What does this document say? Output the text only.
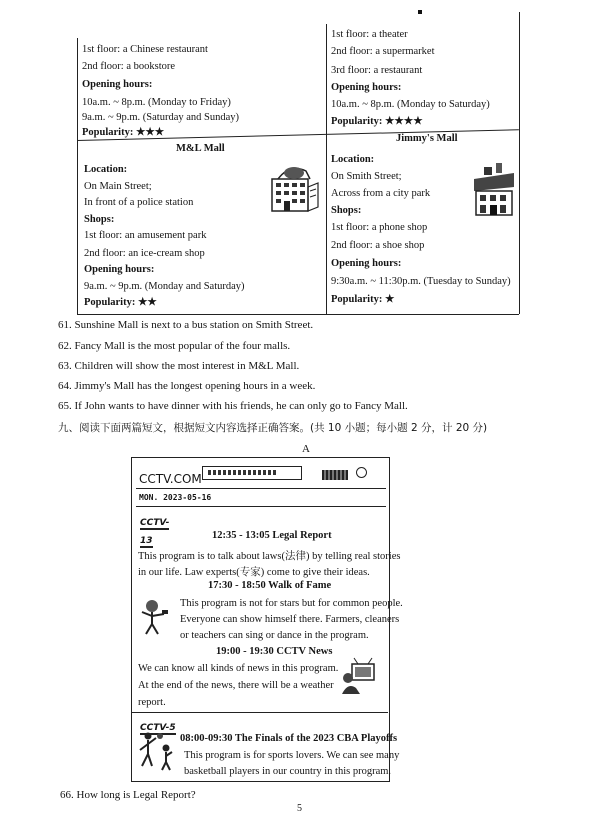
1st floor: a Chinese restaurant
2nd floor: a bookstore
Opening hours:
10a.m. ~ 8p.m. (Monday to Friday)
9a.m. ~ 9p.m. (Saturday and Sunday)
Popularity: ★★★
1st floor: a theater
2nd floor: a supermarket
3rd floor: a restaurant
Opening hours:
10a.m. ~ 8p.m. (Monday to Saturday)
Popularity: ★★★★
M&L Mall
Location:
On Main Street;
In front of a police station
Shops:
1st floor: an amusement park
2nd floor: an ice-cream shop
Opening hours:
9a.m. ~ 9p.m. (Monday and Saturday)
Popularity: ★★
Jimmy's Mall
Location:
On Smith Street;
Across from a city park
Shops:
1st floor: a phone shop
2nd floor: a shoe shop
Opening hours:
9:30a.m. ~ 11:30p.m. (Tuesday to Sunday)
Popularity: ★
61. Sunshine Mall is next to a bus station on Smith Street.
62. Fancy Mall is the most popular of the four malls.
63. Children will show the most interest in M&L Mall.
64. Jimmy's Mall has the longest opening hours in a week.
65. If John wants to have dinner with his friends, he can only go to Fancy Mall.
九、阅读下面两篇短文，根据短文内容选择正确答案。(共 10 小题；每小题 2 分，计 20 分)
A
CCTV.COM
MON. 2023-05-16
CCTV-13	12:35 - 13:05 Legal Report
This program is to talk about laws(法律) by telling real stories
in our life. Law experts(专家) come to give their ideas.
17:30 - 18:50 Walk of Fame
This program is not for stars but for common people.
Everyone can show himself there. Farmers, cleaners
or teachers can sing or dance in the program.
19:00 - 19:30 CCTV News
We can know all kinds of news in this program.
At the end of the news, there will be a weather
report.
CCTV-5
08:00-09:30 The Finals of the 2023 CBA Playoffs
This program is for sports lovers. We can see many
basketball players in our country in this program.
66. How long is Legal Report?
5
